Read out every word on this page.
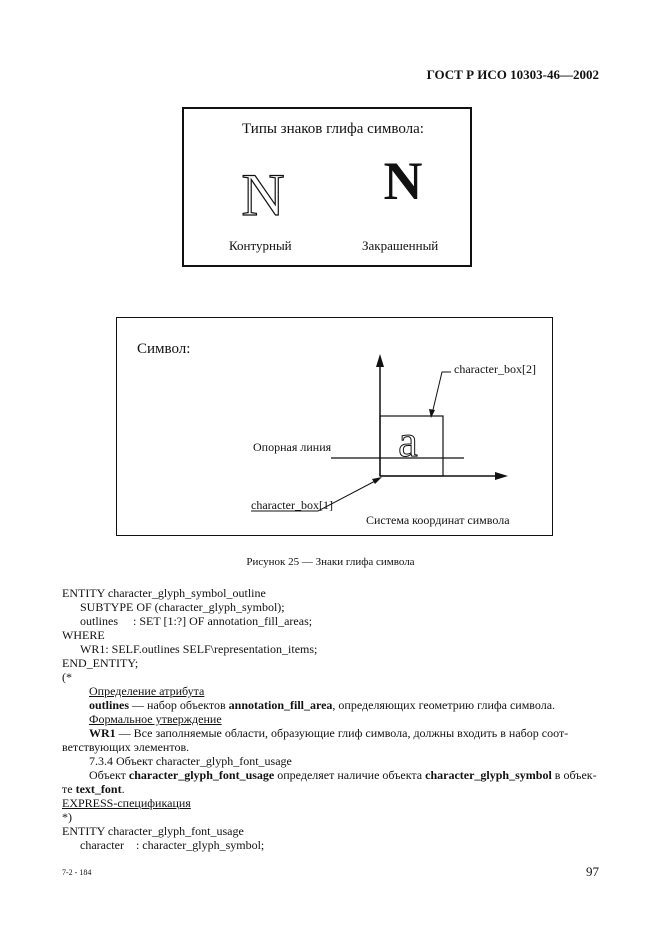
ГОСТ Р ИСО 10303-46—2002
Типы знаков глифа символа:
N N
Контурный	Закрашенный
Символ:
a
character_box[2]
Опорная линия
character_box[1]
Система координат символа
Рисунок 25 — Знаки глифа символа
ENTITY character_glyph_symbol_outline
SUBTYPE OF (character_glyph_symbol);
outlines     : SET [1:?] OF annotation_fill_areas;
WHERE
WR1: SELF.outlines SELF\representation_items;
END_ENTITY;
(*
Определение атрибута
outlines — набор объектов annotation_fill_area, определяющих геометрию глифа символа.
Формальное утверждение
WR1 — Все заполняемые области, образующие глиф символа, должны входить в набор соот-
ветствующих элементов.
7.3.4 Объект character_glyph_font_usage
Объект character_glyph_font_usage определяет наличие объекта character_glyph_symbol в объек-
те text_font.
EXPRESS-спецификация
*)
ENTITY character_glyph_font_usage
character    : character_glyph_symbol;
7-2 - 184	97
